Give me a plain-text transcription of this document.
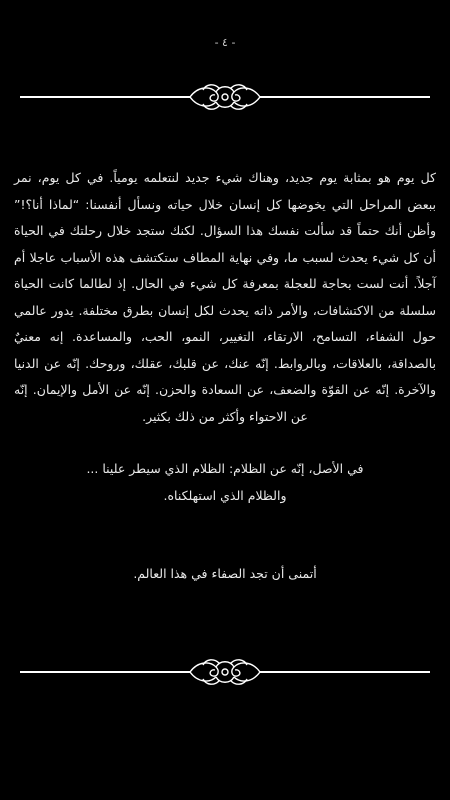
- ٤ -

كل يوم هو بمثابة يوم جديد، وهناك شيء جديد لنتعلمه يومياً. في كل يوم، نمر ببعض المراحل التي يخوضها كل إنسان خلال حياته ونسأل أنفسنا: “لماذا أنا؟!” وأظن أنك حتماً قد سألت نفسك هذا السؤال. لكنك ستجد خلال رحلتك في الحياة أن كل شيء يحدث لسبب ما، وفي نهاية المطاف ستكتشف هذه الأسباب عاجلا أم آجلاً. أنت لست بحاجة للعجلة بمعرفة كل شيء في الحال. إذ لطالما كانت الحياة سلسلة من الاكتشافات، والأمر ذاته يحدث لكل إنسان بطرق مختلفة. يدور عالمي حول الشفاء، التسامح، الارتقاء، التغيير، النمو، الحب، والمساعدة. إنه معنيٌ بالصداقة، بالعلاقات، وبالروابط. إنّه عنك، عن قلبك، عقلك، وروحك. إنّه عن الدنيا والآخرة. إنّه عن القوّة والضعف، عن السعادة والحزن. إنّه عن الأمل والإيمان. إنّه عن الاحتواء وأكثر من ذلك بكثير.

في الأصل، إنّه عن الظلام: الظلام الذي سيطر علينا ...
والظلام الذي استهلكناه.

أتمنى أن تجد الصفاء في هذا العالم.
